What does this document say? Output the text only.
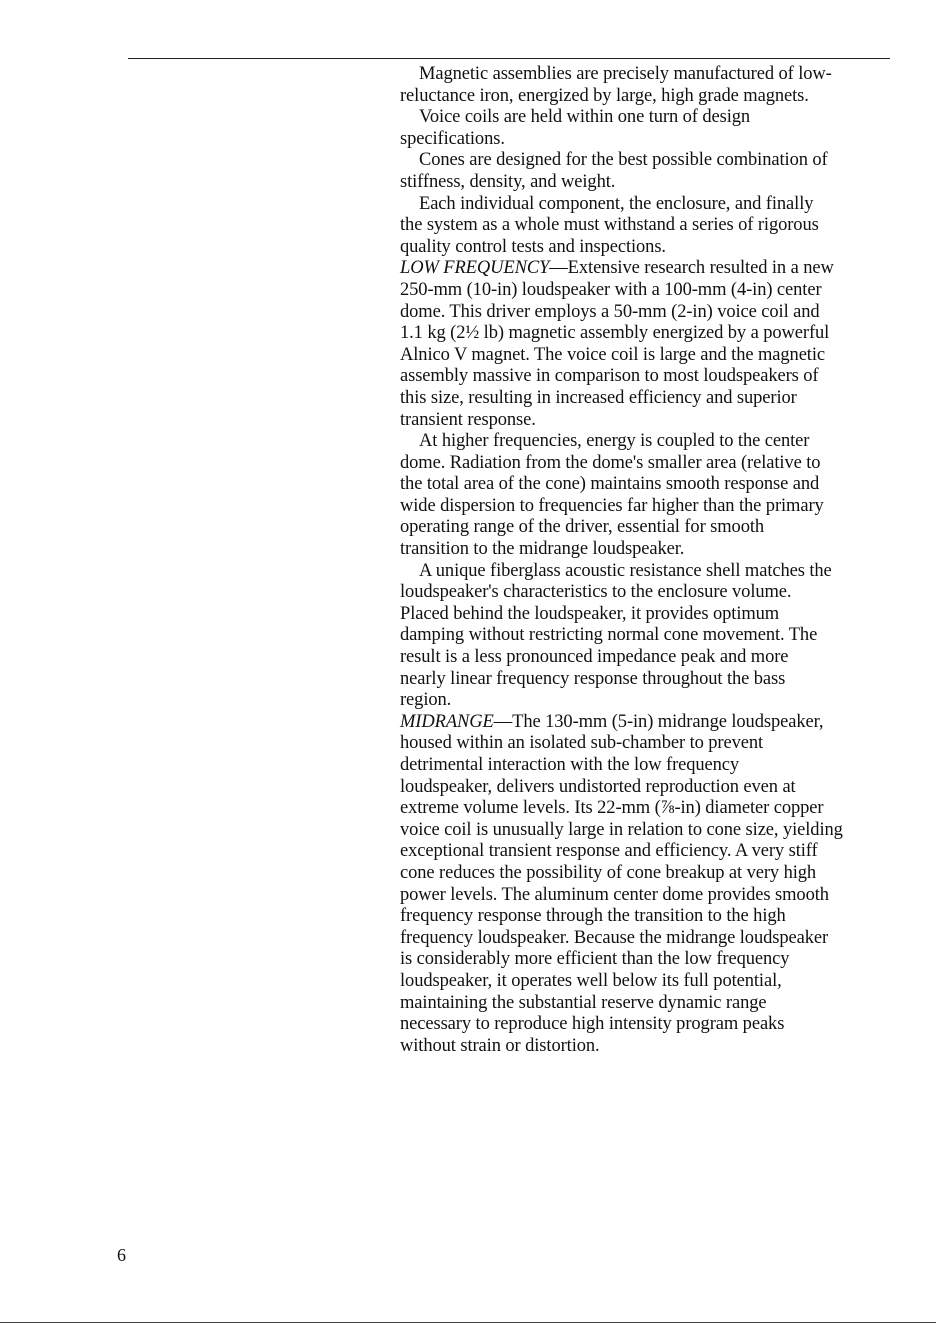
Magnetic assemblies are precisely manufactured of low-
reluctance iron, energized by large, high grade magnets.
Voice coils are held within one turn of design
specifications.
Cones are designed for the best possible combination of
stiffness, density, and weight.
Each individual component, the enclosure, and finally
the system as a whole must withstand a series of rigorous
quality control tests and inspections.
LOW FREQUENCY—Extensive research resulted in a new
250-mm (10-in) loudspeaker with a 100-mm (4-in) center
dome. This driver employs a 50-mm (2-in) voice coil and
1.1 kg (2½ lb) magnetic assembly energized by a powerful
Alnico V magnet. The voice coil is large and the magnetic
assembly massive in comparison to most loudspeakers of
this size, resulting in increased efficiency and superior
transient response.
At higher frequencies, energy is coupled to the center
dome. Radiation from the dome's smaller area (relative to
the total area of the cone) maintains smooth response and
wide dispersion to frequencies far higher than the primary
operating range of the driver, essential for smooth
transition to the midrange loudspeaker.
A unique fiberglass acoustic resistance shell matches the
loudspeaker's characteristics to the enclosure volume.
Placed behind the loudspeaker, it provides optimum
damping without restricting normal cone movement. The
result is a less pronounced impedance peak and more
nearly linear frequency response throughout the bass
region.
MIDRANGE—The 130-mm (5-in) midrange loudspeaker,
housed within an isolated sub-chamber to prevent
detrimental interaction with the low frequency
loudspeaker, delivers undistorted reproduction even at
extreme volume levels. Its 22-mm (⅞-in) diameter copper
voice coil is unusually large in relation to cone size, yielding
exceptional transient response and efficiency. A very stiff
cone reduces the possibility of cone breakup at very high
power levels. The aluminum center dome provides smooth
frequency response through the transition to the high
frequency loudspeaker. Because the midrange loudspeaker
is considerably more efficient than the low frequency
loudspeaker, it operates well below its full potential,
maintaining the substantial reserve dynamic range
necessary to reproduce high intensity program peaks
without strain or distortion.
6
